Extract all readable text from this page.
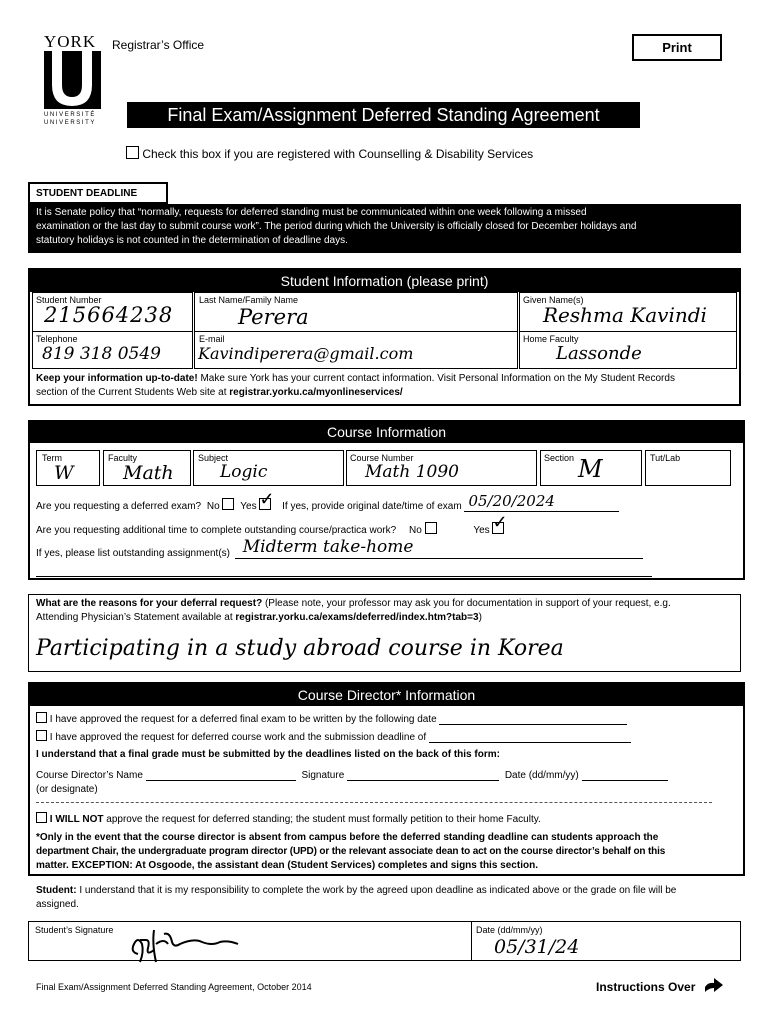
YORK
UNIVERSITÉ
UNIVERSITY
Registrar’s Office	Print
Final Exam/Assignment Deferred Standing Agreement
Check this box if you are registered with Counselling & Disability Services
STUDENT DEADLINE
It is Senate policy that “normally, requests for deferred standing must be communicated within one week following a missed
examination or the last day to submit course work”. The period during which the University is officially closed for December holidays and
statutory holidays is not counted in the determination of deadline days.
Student Information (please print)
Student Number	Last Name/Family Name	Given Name(s)
215664238	Perera	Reshma Kavindi
Telephone	E-mail	Home Faculty
819 318 0549 Kavindiperera@gmail.com	Lassonde
Keep your information up-to-date! Make sure York has your current contact information. Visit Personal Information on the My Student Records
section of the Current Students Web site at registrar.yorku.ca/myonlineservices/
Course Information
Term	Faculty	Subject	Course Number	Section	Tut/Lab
W	Math	Logic	Math 1090	M
Are you requesting a deferred exam? No Yes ✓ If yes, provide original date/time of exam 05/20/2024
Are you requesting additional time to complete outstanding course/practica work? No	Yes ✓
If yes, please list outstanding assignment(s) Midterm take-home
What are the reasons for your deferral request? (Please note, your professor may ask you for documentation in support of your request, e.g.
Attending Physician’s Statement available at registrar.yorku.ca/exams/deferred/index.htm?tab=3)
Participating in a study abroad course in Korea
Course Director* Information
I have approved the request for a deferred final exam to be written by the following date
I have approved the request for deferred course work and the submission deadline of
I understand that a final grade must be submitted by the deadlines listed on the back of this form:
Course Director’s Name	Signature	Date (dd/mm/yy)
(or designate)
I WILL NOT approve the request for deferred standing; the student must formally petition to their home Faculty.
*Only in the event that the course director is absent from campus before the deferred standing deadline can students approach the
department Chair, the undergraduate program director (UPD) or the relevant associate dean to act on the course director’s behalf on this
matter. EXCEPTION: At Osgoode, the assistant dean (Student Services) completes and signs this section.
Student: I understand that it is my responsibility to complete the work by the agreed upon deadline as indicated above or the grade on file will be
assigned.
Student’s Signature	Date (dd/mm/yy)
05/31/24
Final Exam/Assignment Deferred Standing Agreement, October 2014	Instructions Over
